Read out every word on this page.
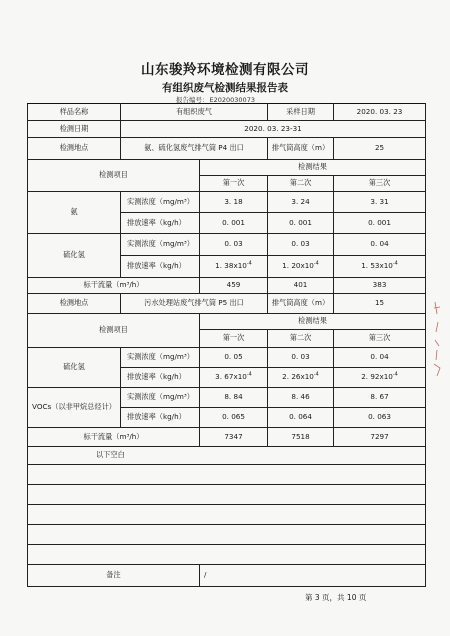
山东骏羚环境检测有限公司
有组织废气检测结果报告表
报告编号：E2020030073
样品名称	有组织废气		采样日期	2020. 03. 23
检测日期	2020. 03. 23-31			
检测地点	氨、硫化氢废气排气筒 P4 出口		排气筒高度（m）	25
检测项目		检测结果		
		第一次	第二次	第三次
氨	实测浓度（mg/m³）	3. 18	3. 24	3. 31
	排放速率（kg/h）	0. 001	0. 001	0. 001
硫化氢	实测浓度（mg/m³）	0. 03	0. 03	0. 04
	排放速率（kg/h）	1. $38x10^{-4}$	1. $20x10^{-4}$	1. $53x10^{-4}$
标干流量（m³/h）		459	401	383
检测地点	污水处理站废气排气筒 P5 出口		排气筒高度（m）	15
检测项目		检测结果		
		第一次	第二次	第三次
硫化氢	实测浓度（mg/m³）	0. 05	0. 03	0. 04
	排放速率（kg/h）	3. $67x10^{-4}$	2. $26x10^{-4}$	2. $92x10^{-4}$
VOCs（以非甲烷总烃计）	实测浓度（mg/m³）	8. 84	8. 46	8. 67
	排放速率（kg/h）	0. 065	0. 064	0. 063
标干流量（m³/h）		7347	7518	7297
以下空白				

备注		/		
第 3 页，共 10 页
